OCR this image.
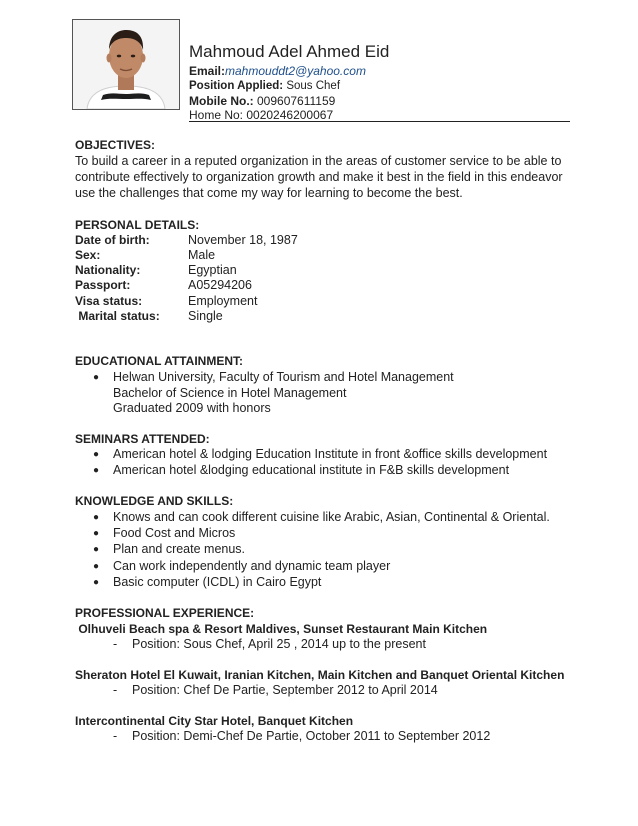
Mahmoud Adel Ahmed Eid
Email:mahmouddt2@yahoo.com
Position Applied: Sous Chef
Mobile No.: 009607611159
Home No: 0020246200067
OBJECTIVES:
To build a career in a reputed organization in the areas of customer service to be able to
contribute effectively to organization growth and make it best in the field in this endeavor
use the challenges that come my way for learning to become the best.
PERSONAL DETAILS:
Date of birth:	November 18, 1987
Sex:	Male
Nationality:	Egyptian
Passport:	A05294206
Visa status:	Employment
Marital status: Single
EDUCATIONAL ATTAINMENT:
● Helwan University, Faculty of Tourism and Hotel Management
Bachelor of Science in Hotel Management
Graduated 2009 with honors
SEMINARS ATTENDED:
● American hotel & lodging Education Institute in front &office skills development
● American hotel &lodging educational institute in F&B skills development
KNOWLEDGE AND SKILLS:
● Knows and can cook different cuisine like Arabic, Asian, Continental & Oriental.
● Food Cost and Micros
● Plan and create menus.
● Can work independently and dynamic team player
● Basic computer (ICDL) in Cairo Egypt
PROFESSIONAL EXPERIENCE:
Olhuveli Beach spa & Resort Maldives, Sunset Restaurant Main Kitchen
- Position: Sous Chef, April 25 , 2014 up to the present
Sheraton Hotel El Kuwait, Iranian Kitchen, Main Kitchen and Banquet Oriental Kitchen
- Position: Chef De Partie, September 2012 to April 2014
Intercontinental City Star Hotel, Banquet Kitchen
- Position: Demi-Chef De Partie, October 2011 to September 2012
